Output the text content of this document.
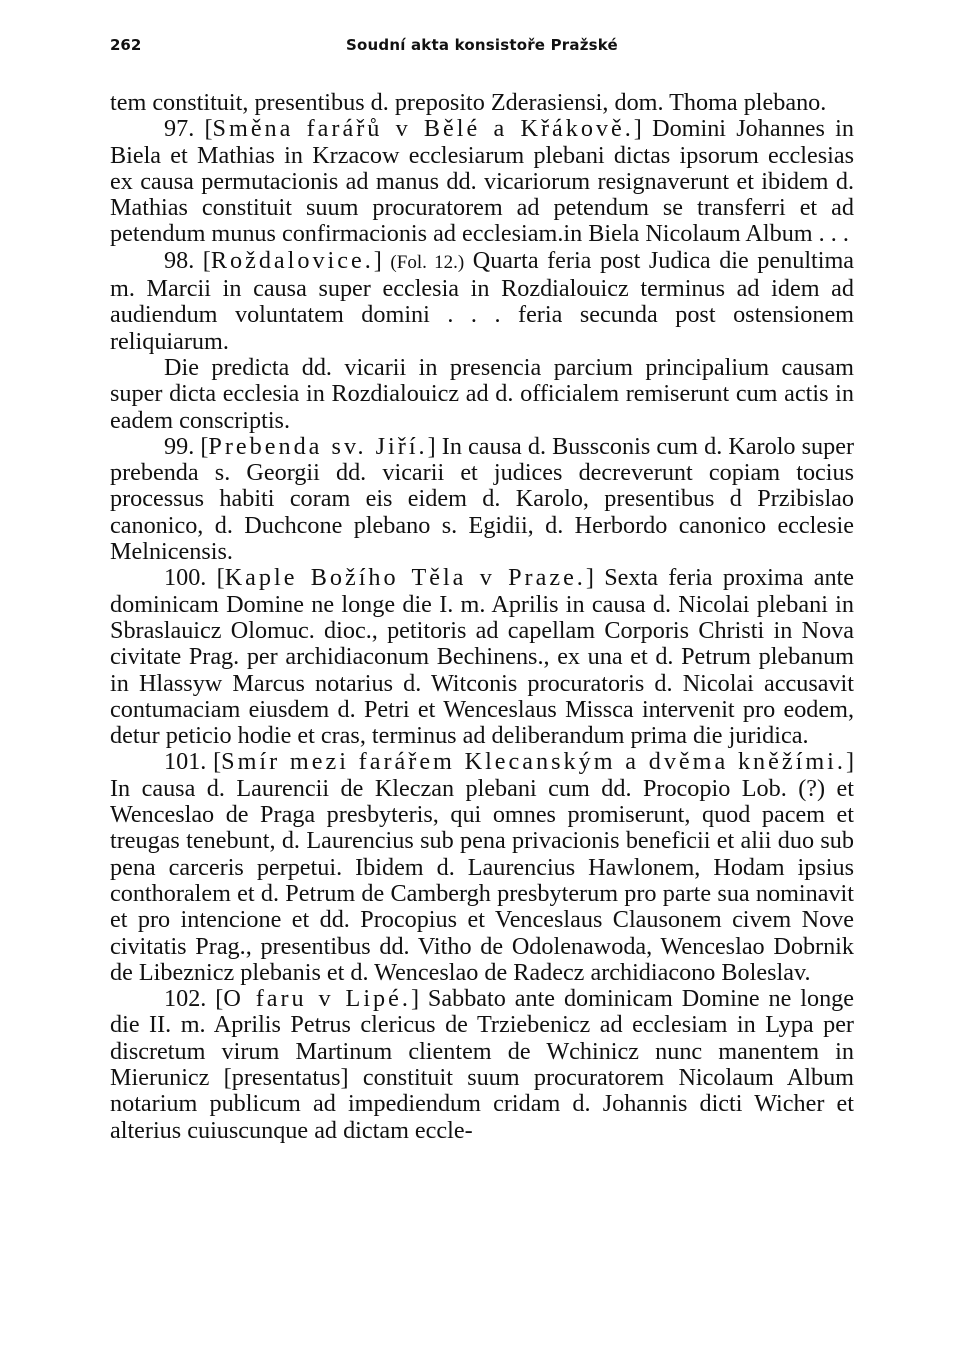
262	Soudní akta konsistoře Pražské

tem constituit, presentibus d. preposito Zderasiensi, dom. Thoma plebano.

97. [Směna farářů v Bělé a Křákově.] Domini Johannes in Biela et Mathias in Krzacow ecclesiarum plebani dictas ipsorum ecclesias ex causa permutacionis ad manus dd. vicariorum resignaverunt et ibidem d. Mathias constituit suum procuratorem ad petendum se transferri et ad petendum munus confirmacionis ad ecclesiam.in Biela Nicolaum Album . . .

98. [Roždalovice.] (Fol. 12.) Quarta feria post Judica die penultima m. Marcii in causa super ecclesia in Rozdialouicz terminus ad idem ad audiendum voluntatem domini . . . feria secunda post ostensionem reliquiarum.

Die predicta dd. vicarii in presencia parcium principalium causam super dicta ecclesia in Rozdialouicz ad d. officialem remiserunt cum actis in eadem conscriptis.

99. [Prebenda sv. Jiří.] In causa d. Bussconis cum d. Karolo super prebenda s. Georgii dd. vicarii et judices decreverunt copiam tocius processus habiti coram eis eidem d. Karolo, presentibus d Przibislao canonico, d. Duchcone plebano s. Egidii, d. Herbordo canonico ecclesie Melnicensis.

100. [Kaple Božího Těla v Praze.] Sexta feria proxima ante dominicam Domine ne longe die I. m. Aprilis in causa d. Nicolai plebani in Sbraslauicz Olomuc. dioc., petitoris ad capellam Corporis Christi in Nova civitate Prag. per archidiaconum Bechinens., ex una et d. Petrum plebanum in Hlassyw Marcus notarius d. Witconis procuratoris d. Nicolai accusavit contumaciam eiusdem d. Petri et Wenceslaus Missca intervenit pro eodem, detur peticio hodie et cras, terminus ad deliberandum prima die juridica.

101. [Smír mezi farářem Klecanským a dvěma kněžími.] In causa d. Laurencii de Kleczan plebani cum dd. Procopio Lob. (?) et Wenceslao de Praga presbyteris, qui omnes promiserunt, quod pacem et treugas tenebunt, d. Laurencius sub pena privacionis beneficii et alii duo sub pena carceris perpetui. Ibidem d. Laurencius Hawlonem, Hodam ipsius conthoralem et d. Petrum de Cambergh presbyterum pro parte sua nominavit et pro intencione et dd. Procopius et Venceslaus Clausonem civem Nove civitatis Prag., presentibus dd. Vitho de Odolenawoda, Wenceslao Dobrnik de Libeznicz plebanis et d. Wenceslao de Radecz archidiacono Boleslav.

102. [O faru v Lipé.] Sabbato ante dominicam Domine ne longe die II. m. Aprilis Petrus clericus de Trziebenicz ad ecclesiam in Lypa per discretum virum Martinum clientem de Wchinicz nunc manentem in Mierunicz [presentatus] constituit suum procuratorem Nicolaum Album notarium publicum ad impediendum cridam d. Johannis dicti Wicher et alterius cuiuscunque ad dictam eccle-
